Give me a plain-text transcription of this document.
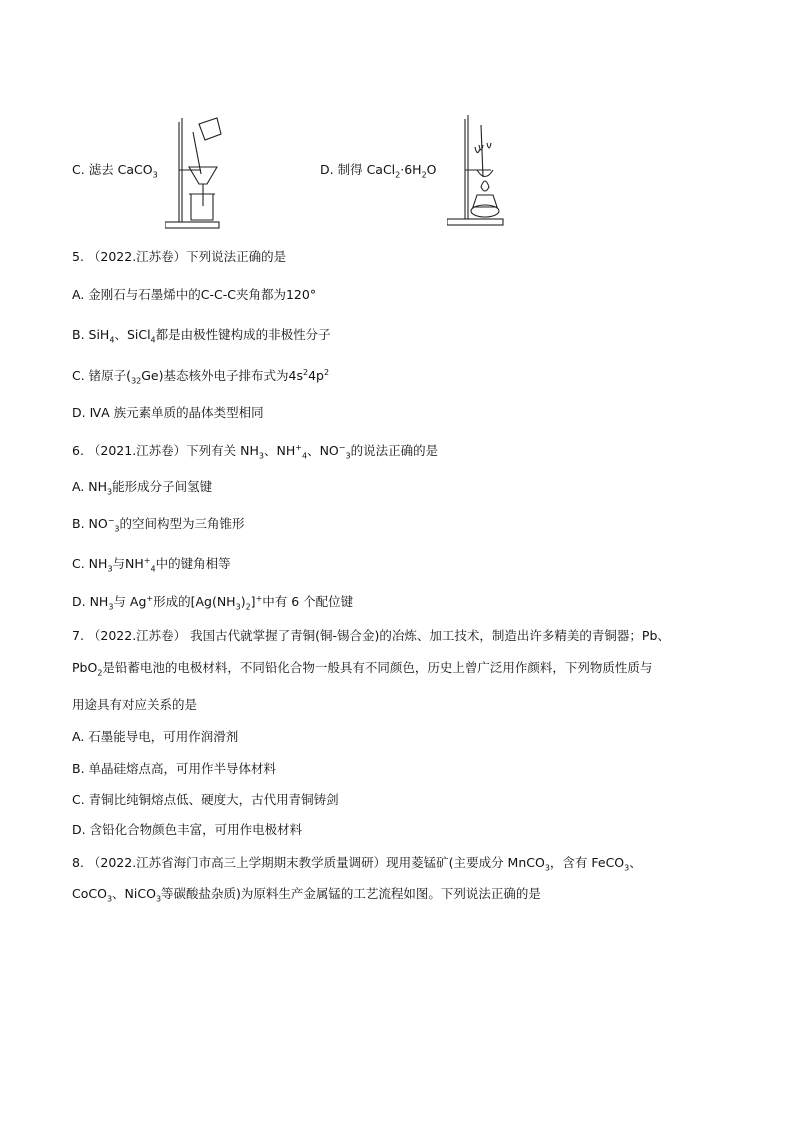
C. 滤去 CaCO$_3$	D. 制得 $CaCl_2\cdot 6H_2O$
5. （2022.江苏卷）下列说法正确的是
A. 金刚石与石墨烯中的C-C-C夹角都为120°
B. SiH$_4$、SiCl$_4$都是由极性键构成的非极性分子
C. 锗原子$(_{32}Ge)$基态核外电子排布式为$4s^24p^2$
D. ⅣA 族元素单质的晶体类型相同
6. （2021.江苏卷）下列有关 $NH_3$、$NH^+_4$、$NO^-_3$的说法正确的是
A. $NH_3$能形成分子间氢键
B. $NO^-_3$的空间构型为三角锥形
C. $NH_3$与$NH^+_4$中的键角相等
D. $NH_3$与 Ag+形成的$[Ag(NH_3)_2]^+$中有 6 个配位键
7. （2022.江苏卷） 我国古代就掌握了青铜(铜-锡合金)的冶炼、加工技术，制造出许多精美的青铜器；Pb、
PbO$_2$是铅蓄电池的电极材料，不同铅化合物一般具有不同颜色，历史上曾广泛用作颜料，下列物质性质与
用途具有对应关系的是
A. 石墨能导电，可用作润滑剂
B. 单晶硅熔点高，可用作半导体材料
C. 青铜比纯铜熔点低、硬度大，古代用青铜铸剑
D. 含铅化合物颜色丰富，可用作电极材料
8. （2022.江苏省海门市高三上学期期末教学质量调研）现用菱锰矿(主要成分 MnCO$_3$，含有 FeCO$_3$、
CoCO$_3$、NiCO$_3$等碳酸盐杂质)为原料生产金属锰的工艺流程如图。下列说法正确的是
